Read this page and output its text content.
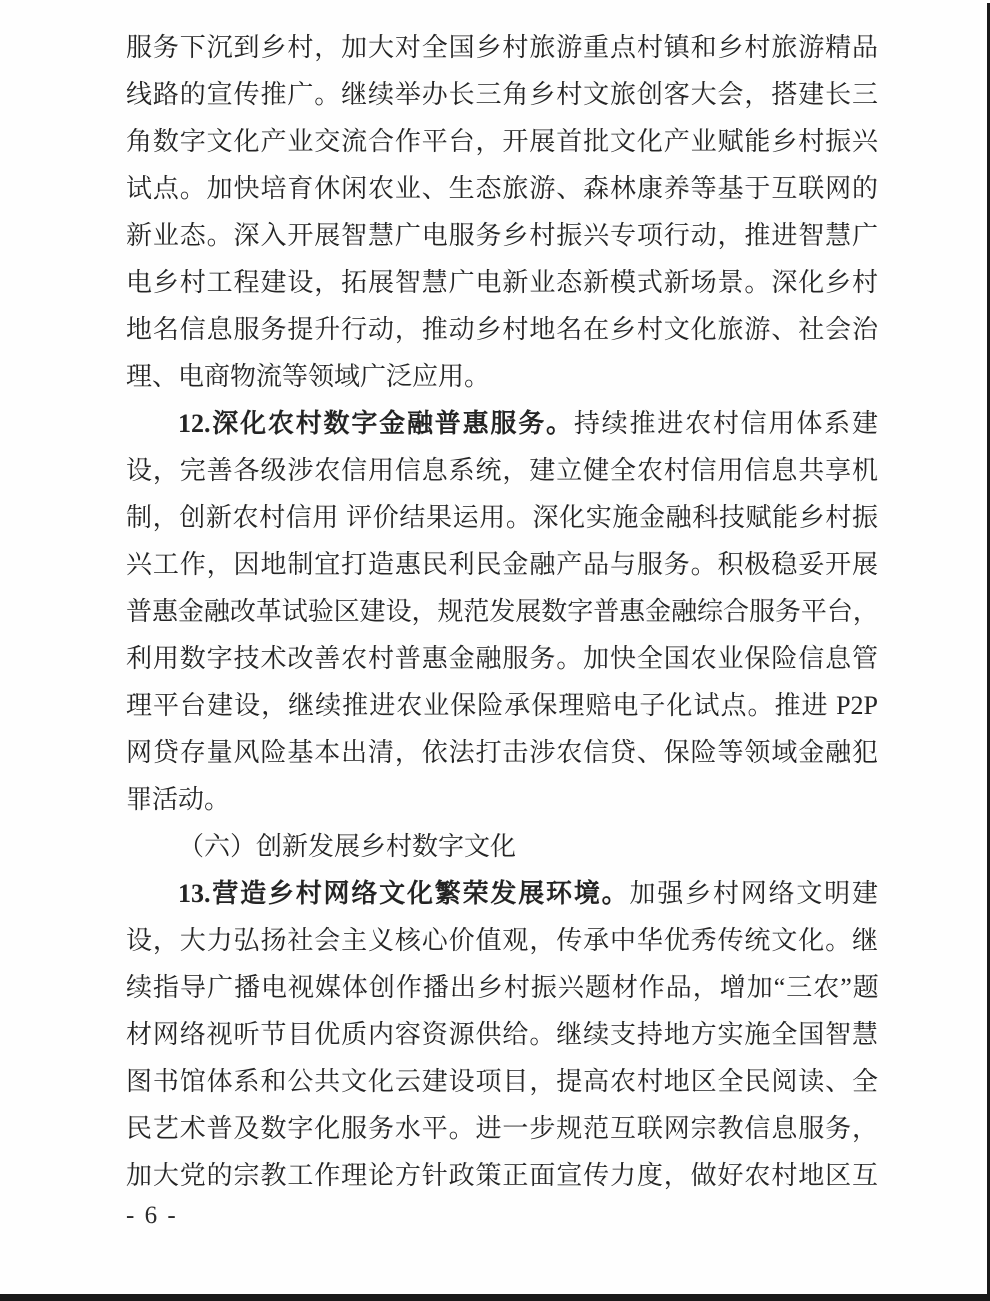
服务下沉到乡村，加大对全国乡村旅游重点村镇和乡村旅游精品
线路的宣传推广。继续举办长三角乡村文旅创客大会，搭建长三
角数字文化产业交流合作平台，开展首批文化产业赋能乡村振兴
试点。加快培育休闲农业、生态旅游、森林康养等基于互联网的
新业态。深入开展智慧广电服务乡村振兴专项行动，推进智慧广
电乡村工程建设，拓展智慧广电新业态新模式新场景。深化乡村
地名信息服务提升行动，推动乡村地名在乡村文化旅游、社会治
理、电商物流等领域广泛应用。
12.深化农村数字金融普惠服务。持续推进农村信用体系建
设，完善各级涉农信用信息系统，建立健全农村信用信息共享机
制，创新农村信用 评价结果运用。深化实施金融科技赋能乡村振
兴工作，因地制宜打造惠民利民金融产品与服务。积极稳妥开展
普惠金融改革试验区建设，规范发展数字普惠金融综合服务平台，
利用数字技术改善农村普惠金融服务。加快全国农业保险信息管
理平台建设，继续推进农业保险承保理赔电子化试点。推进 P2P
网贷存量风险基本出清，依法打击涉农信贷、保险等领域金融犯
罪活动。
（六）创新发展乡村数字文化
13.营造乡村网络文化繁荣发展环境。加强乡村网络文明建
设，大力弘扬社会主义核心价值观，传承中华优秀传统文化。继
续指导广播电视媒体创作播出乡村振兴题材作品，增加“三农”题
材网络视听节目优质内容资源供给。继续支持地方实施全国智慧
图书馆体系和公共文化云建设项目，提高农村地区全民阅读、全
民艺术普及数字化服务水平。进一步规范互联网宗教信息服务，
加大党的宗教工作理论方针政策正面宣传力度，做好农村地区互
- 6 -
